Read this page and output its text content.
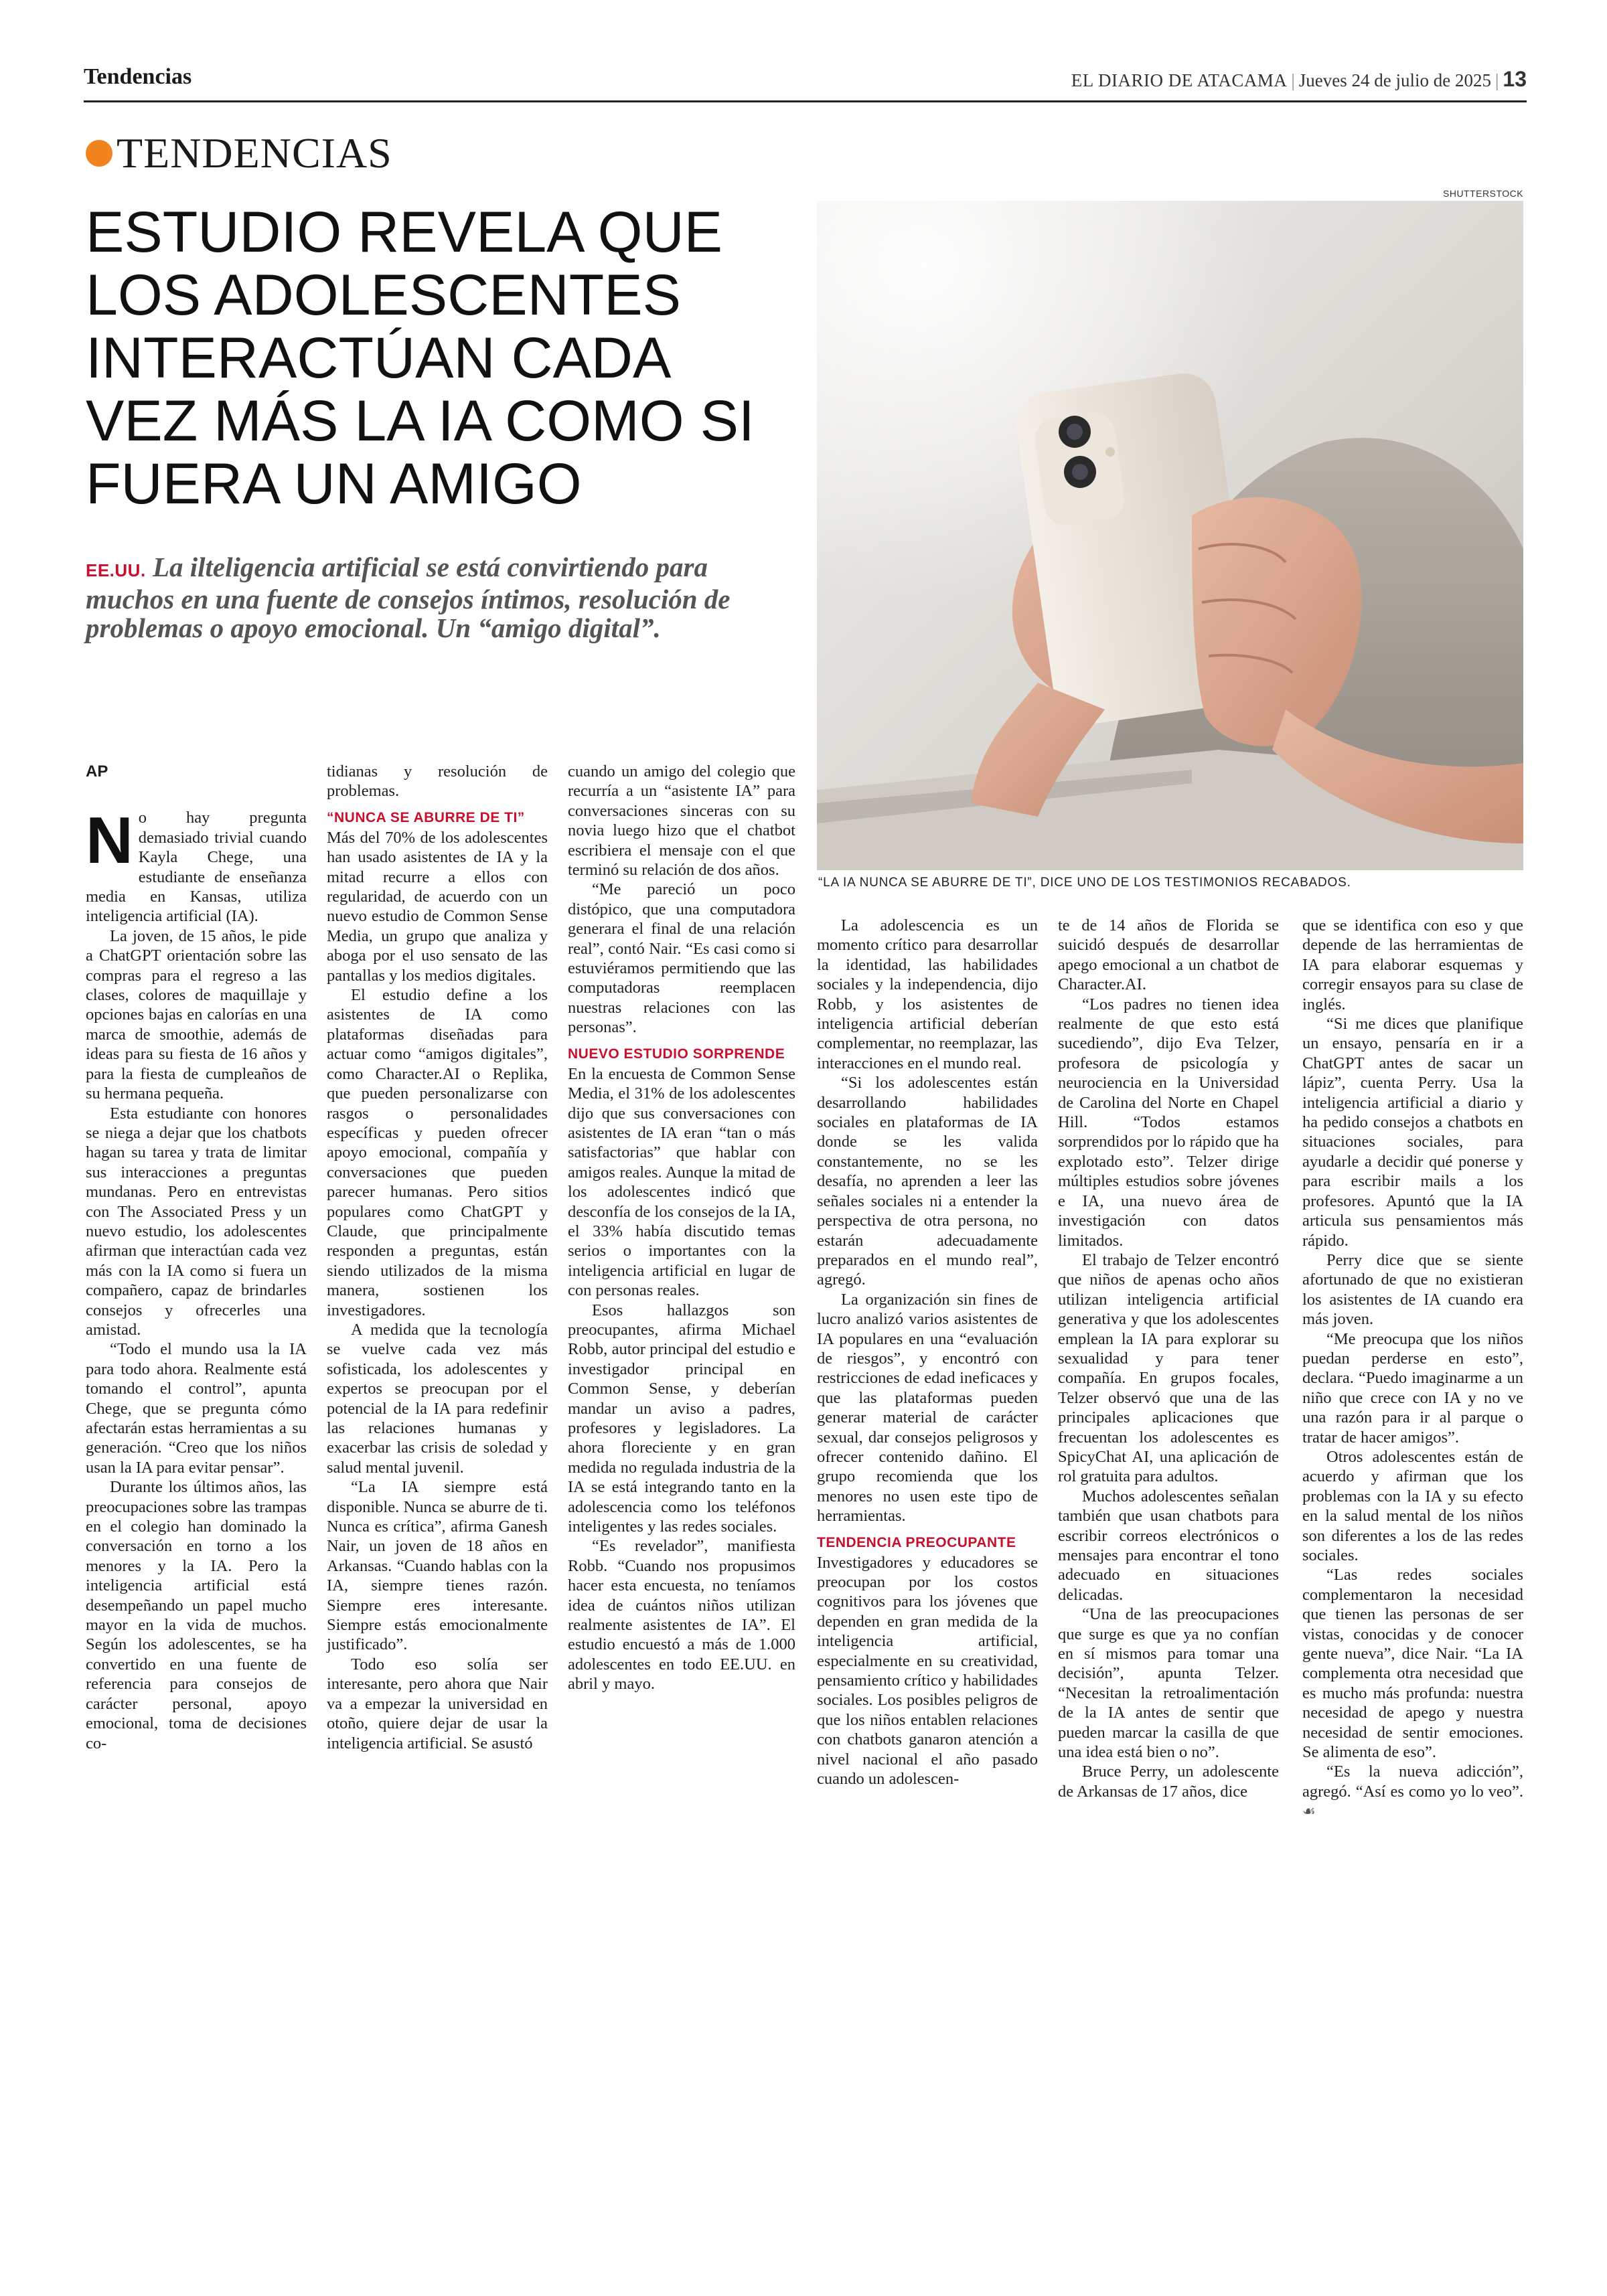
Tendencias	EL DIARIO DE ATACAMA | Jueves 24 de julio de 2025 | 13
TENDENCIAS
ESTUDIO REVELA QUE LOS ADOLESCENTES INTERACTÚAN CADA VEZ MÁS LA IA COMO SI FUERA UN AMIGO

EE.UU. La ilteligencia artificial se está convirtiendo para muchos en una fuente de consejos íntimos, resolución de problemas o apoyo emocional. Un “amigo digital”.

SHUTTERSTOCK
“LA IA NUNCA SE ABURRE DE TI”, DICE UNO DE LOS TESTIMONIOS RECABADOS.
AP

No hay pregunta demasiado trivial cuando Kayla Chege, una estudiante de enseñanza media en Kansas, utiliza inteligencia artificial (IA).

La joven, de 15 años, le pide a ChatGPT orientación sobre las compras para el regreso a las clases, colores de maquillaje y opciones bajas en calorías en una marca de smoothie, además de ideas para su fiesta de 16 años y para la fiesta de cumpleaños de su hermana pequeña.

Esta estudiante con honores se niega a dejar que los chatbots hagan su tarea y trata de limitar sus interacciones a preguntas mundanas. Pero en entrevistas con The Associated Press y un nuevo estudio, los adolescentes afirman que interactúan cada vez más con la IA como si fuera un compañero, capaz de brindarles consejos y ofrecerles una amistad.

“Todo el mundo usa la IA para todo ahora. Realmente está tomando el control”, apunta Chege, que se pregunta cómo afectarán estas herramientas a su generación. “Creo que los niños usan la IA para evitar pensar”.

Durante los últimos años, las preocupaciones sobre las trampas en el colegio han dominado la conversación en torno a los menores y la IA. Pero la inteligencia artificial está desempeñando un papel mucho mayor en la vida de muchos. Según los adolescentes, se ha convertido en una fuente de referencia para consejos de carácter personal, apoyo emocional, toma de decisiones co-

tidianas y resolución de problemas.

“NUNCA SE ABURRE DE TI”

Más del 70% de los adolescentes han usado asistentes de IA y la mitad recurre a ellos con regularidad, de acuerdo con un nuevo estudio de Common Sense Media, un grupo que analiza y aboga por el uso sensato de las pantallas y los medios digitales.

El estudio define a los asistentes de IA como plataformas diseñadas para actuar como “amigos digitales”, como Character.AI o Replika, que pueden personalizarse con rasgos o personalidades específicas y pueden ofrecer apoyo emocional, compañía y conversaciones que pueden parecer humanas. Pero sitios populares como ChatGPT y Claude, que principalmente responden a preguntas, están siendo utilizados de la misma manera, sostienen los investigadores.

A medida que la tecnología se vuelve cada vez más sofisticada, los adolescentes y expertos se preocupan por el potencial de la IA para redefinir las relaciones humanas y exacerbar las crisis de soledad y salud mental juvenil.

“La IA siempre está disponible. Nunca se aburre de ti. Nunca es crítica”, afirma Ganesh Nair, un joven de 18 años en Arkansas. “Cuando hablas con la IA, siempre tienes razón. Siempre eres interesante. Siempre estás emocionalmente justificado”.

Todo eso solía ser interesante, pero ahora que Nair va a empezar la universidad en otoño, quiere dejar de usar la inteligencia artificial. Se asustó

cuando un amigo del colegio que recurría a un “asistente IA” para conversaciones sinceras con su novia luego hizo que el chatbot escribiera el mensaje con el que terminó su relación de dos años.

“Me pareció un poco distópico, que una computadora generara el final de una relación real”, contó Nair. “Es casi como si estuviéramos permitiendo que las computadoras reemplacen nuestras relaciones con las personas”.

NUEVO ESTUDIO SORPRENDE

En la encuesta de Common Sense Media, el 31% de los adolescentes dijo que sus conversaciones con asistentes de IA eran “tan o más satisfactorias” que hablar con amigos reales. Aunque la mitad de los adolescentes indicó que desconfía de los consejos de la IA, el 33% había discutido temas serios o importantes con la inteligencia artificial en lugar de con personas reales.

Esos hallazgos son preocupantes, afirma Michael Robb, autor principal del estudio e investigador principal en Common Sense, y deberían mandar un aviso a padres, profesores y legisladores. La ahora floreciente y en gran medida no regulada industria de la IA se está integrando tanto en la adolescencia como los teléfonos inteligentes y las redes sociales.

“Es revelador”, manifiesta Robb. “Cuando nos propusimos hacer esta encuesta, no teníamos idea de cuántos niños utilizan realmente asistentes de IA”. El estudio encuestó a más de 1.000 adolescentes en todo EE.UU. en abril y mayo.

La adolescencia es un momento crítico para desarrollar la identidad, las habilidades sociales y la independencia, dijo Robb, y los asistentes de inteligencia artificial deberían complementar, no reemplazar, las interacciones en el mundo real.

“Si los adolescentes están desarrollando habilidades sociales en plataformas de IA donde se les valida constantemente, no se les desafía, no aprenden a leer las señales sociales ni a entender la perspectiva de otra persona, no estarán adecuadamente preparados en el mundo real”, agregó.

La organización sin fines de lucro analizó varios asistentes de IA populares en una “evaluación de riesgos”, y encontró con restricciones de edad ineficaces y que las plataformas pueden generar material de carácter sexual, dar consejos peligrosos y ofrecer contenido dañino. El grupo recomienda que los menores no usen este tipo de herramientas.

TENDENCIA PREOCUPANTE

Investigadores y educadores se preocupan por los costos cognitivos para los jóvenes que dependen en gran medida de la inteligencia artificial, especialmente en su creatividad, pensamiento crítico y habilidades sociales. Los posibles peligros de que los niños entablen relaciones con chatbots ganaron atención a nivel nacional el año pasado cuando un adolescen-

te de 14 años de Florida se suicidó después de desarrollar apego emocional a un chatbot de Character.AI.

“Los padres no tienen idea realmente de que esto está sucediendo”, dijo Eva Telzer, profesora de psicología y neurociencia en la Universidad de Carolina del Norte en Chapel Hill. “Todos estamos sorprendidos por lo rápido que ha explotado esto”. Telzer dirige múltiples estudios sobre jóvenes e IA, una nuevo área de investigación con datos limitados.

El trabajo de Telzer encontró que niños de apenas ocho años utilizan inteligencia artificial generativa y que los adolescentes emplean la IA para explorar su sexualidad y para tener compañía. En grupos focales, Telzer observó que una de las principales aplicaciones que frecuentan los adolescentes es SpicyChat AI, una aplicación de rol gratuita para adultos.

Muchos adolescentes señalan también que usan chatbots para escribir correos electrónicos o mensajes para encontrar el tono adecuado en situaciones delicadas.

“Una de las preocupaciones que surge es que ya no confían en sí mismos para tomar una decisión”, apunta Telzer. “Necesitan la retroalimentación de la IA antes de sentir que pueden marcar la casilla de que una idea está bien o no”.

Bruce Perry, un adolescente de Arkansas de 17 años, dice

que se identifica con eso y que depende de las herramientas de IA para elaborar esquemas y corregir ensayos para su clase de inglés.

“Si me dices que planifique un ensayo, pensaría en ir a ChatGPT antes de sacar un lápiz”, cuenta Perry. Usa la inteligencia artificial a diario y ha pedido consejos a chatbots en situaciones sociales, para ayudarle a decidir qué ponerse y para escribir mails a los profesores. Apuntó que la IA articula sus pensamientos más rápido.

Perry dice que se siente afortunado de que no existieran los asistentes de IA cuando era más joven.

“Me preocupa que los niños puedan perderse en esto”, declara. “Puedo imaginarme a un niño que crece con IA y no ve una razón para ir al parque o tratar de hacer amigos”.

Otros adolescentes están de acuerdo y afirman que los problemas con la IA y su efecto en la salud mental de los niños son diferentes a los de las redes sociales.

“Las redes sociales complementaron la necesidad que tienen las personas de ser vistas, conocidas y de conocer gente nueva”, dice Nair. “La IA complementa otra necesidad que es mucho más profunda: nuestra necesidad de apego y nuestra necesidad de sentir emociones. Se alimenta de eso”.

“Es la nueva adicción”, agregó. “Así es como yo lo veo”. ☙
